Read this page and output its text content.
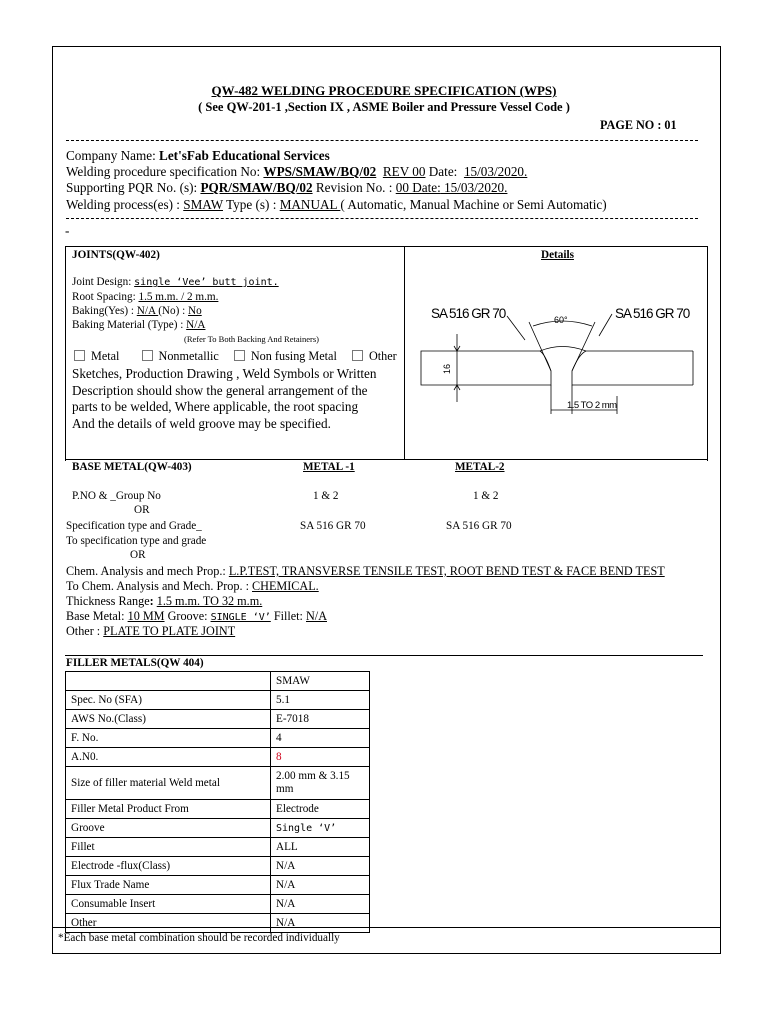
QW-482 WELDING PROCEDURE SPECIFICATION (WPS)
( See QW-201-1 ,Section IX , ASME Boiler and Pressure Vessel Code )
PAGE NO : 01
Company Name: Let'sFab Educational Services
Welding procedure specification No: WPS/SMAW/BQ/02 REV 00 Date:  15/03/2020.
Supporting PQR No. (s): PQR/SMAW/BQ/02 Revision No. : 00 Date: 15/03/2020.
Welding process(es) : SMAW Type (s) : MANUAL ( Automatic, Manual Machine or Semi Automatic)
-
JOINTS(QW-402)	Details
Joint Design: single ‘Vee’ butt joint.
Root Spacing: 1.5 m.m. / 2 m.m.
Baking(Yes) : N/A (No) : No
Baking Material (Type) : N/A
(Refer To Both Backing And Retainers)
Metal	Nonmetallic	Non fusing Metal	Other
Sketches, Production Drawing , Weld Symbols or Written
Description should show the general arrangement of the
parts to be welded, Where applicable, the root spacing
And the details of weld groove may be specified.
SA 516 GR 70	SA 516 GR 70
60°
16
1.5 TO 2 mm
BASE METAL(QW-403)	METAL -1	METAL-2
P.NO & _Group No	1 & 2	1 & 2
OR
Specification type and Grade_	SA 516 GR 70	SA 516 GR 70
To specification type and grade
OR
Chem. Analysis and mech Prop.: L.P.TEST, TRANSVERSE TENSILE TEST, ROOT BEND TEST & FACE BEND TEST
To Chem. Analysis and Mech. Prop. : CHEMICAL.
Thickness Range: 1.5 m.m. TO 32 m.m.
Base Metal: 10 MM Groove: SINGLE ‘V’ Fillet: N/A
Other : PLATE TO PLATE JOINT
FILLER METALS(QW 404)
	SMAW
Spec. No (SFA)	5.1
AWS No.(Class)	E-7018
F. No.	4
A.N0.	8
Size of filler material Weld metal	2.00 mm & 3.15 mm
Filler Metal Product From	Electrode
Groove	Single ‘V’
Fillet	ALL
Electrode -flux(Class)	N/A
Flux Trade Name	N/A
Consumable Insert	N/A
Other	N/A
*Each base metal combination should be recorded individually
